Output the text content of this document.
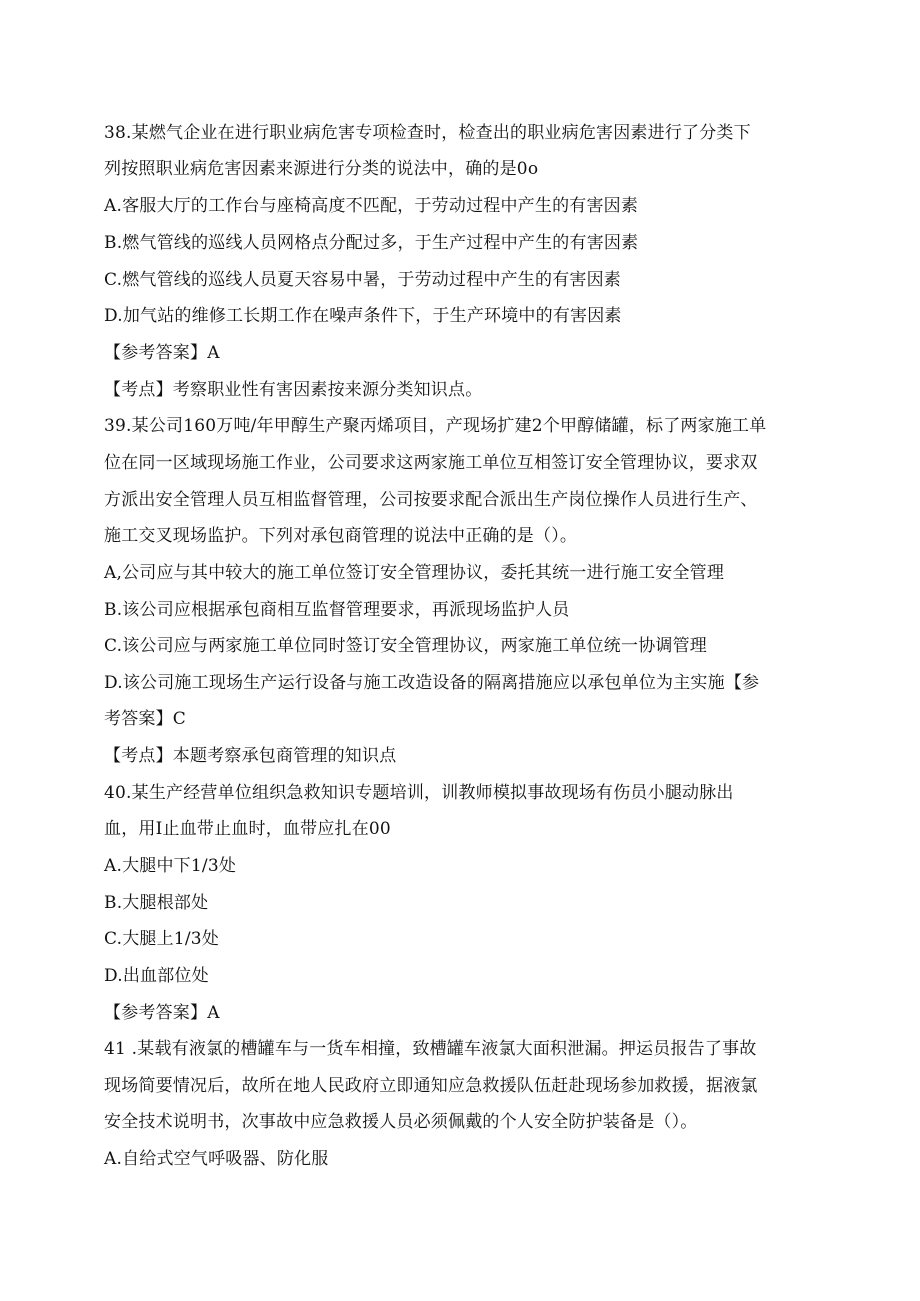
38.某燃气企业在进行职业病危害专项检查时，检查出的职业病危害因素进行了分类下
列按照职业病危害因素来源进行分类的说法中，确的是0o
A.客服大厅的工作台与座椅高度不匹配，于劳动过程中产生的有害因素
B.燃气管线的巡线人员网格点分配过多，于生产过程中产生的有害因素
C.燃气管线的巡线人员夏天容易中暑，于劳动过程中产生的有害因素
D.加气站的维修工长期工作在噪声条件下，于生产环境中的有害因素
【参考答案】A
【考点】考察职业性有害因素按来源分类知识点。
39.某公司160万吨/年甲醇生产聚丙烯项目，产现场扩建2个甲醇储罐，标了两家施工单
位在同一区域现场施工作业，公司要求这两家施工单位互相签订安全管理协议，要求双
方派出安全管理人员互相监督管理，公司按要求配合派出生产岗位操作人员进行生产、
施工交叉现场监护。下列对承包商管理的说法中正确的是（）。
A,公司应与其中较大的施工单位签订安全管理协议，委托其统一进行施工安全管理
B.该公司应根据承包商相互监督管理要求，再派现场监护人员
C.该公司应与两家施工单位同时签订安全管理协议，两家施工单位统一协调管理
D.该公司施工现场生产运行设备与施工改造设备的隔离措施应以承包单位为主实施【参
考答案】C
【考点】本题考察承包商管理的知识点
40.某生产经营单位组织急救知识专题培训，训教师模拟事故现场有伤员小腿动脉出
血，用I止血带止血时，血带应扎在00
A.大腿中下1/3处
B.大腿根部处
C.大腿上1/3处
D.出血部位处
【参考答案】A
41 .某载有液氯的槽罐车与一货车相撞，致槽罐车液氯大面积泄漏。押运员报告了事故
现场简要情况后，故所在地人民政府立即通知应急救援队伍赶赴现场参加救援，据液氯
安全技术说明书，次事故中应急救援人员必须佩戴的个人安全防护装备是（）。
A.自给式空气呼吸器、防化服
